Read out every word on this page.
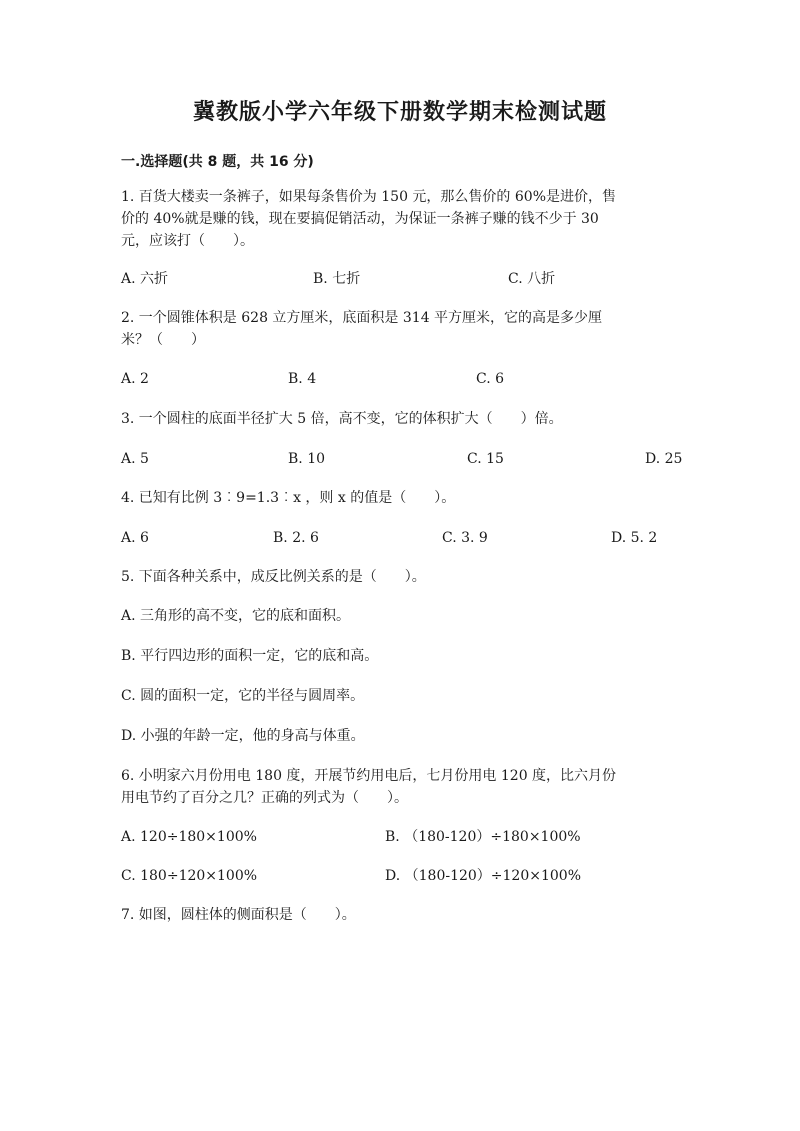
冀教版小学六年级下册数学期末检测试题
一.选择题(共 8 题，共 16 分)
1. 百货大楼卖一条裤子，如果每条售价为 150 元，那么售价的 60%是进价，售
价的 40%就是赚的钱，现在要搞促销活动，为保证一条裤子赚的钱不少于 30
元，应该打（　　）。
A. 六折	B. 七折	C. 八折
2. 一个圆锥体积是 628 立方厘米，底面积是 314 平方厘米，它的高是多少厘
米？（　　）
A. 2	B. 4	C. 6
3. 一个圆柱的底面半径扩大 5 倍，高不变，它的体积扩大（　　）倍。
A. 5	B. 10	C. 15	D. 25
4. 已知有比例 3︰9=1.3︰x ，则 x 的值是（　　）。
A. 6	B. 2. 6	C. 3. 9	D. 5. 2
5. 下面各种关系中，成反比例关系的是（　　）。
A. 三角形的高不变，它的底和面积。
B. 平行四边形的面积一定，它的底和高。
C. 圆的面积一定，它的半径与圆周率。
D. 小强的年龄一定，他的身高与体重。
6. 小明家六月份用电 180 度，开展节约用电后，七月份用电 120 度，比六月份
用电节约了百分之几？正确的列式为（　　）。
A. 120÷180×100%	B. （180-120）÷180×100%
C. 180÷120×100%	D. （180-120）÷120×100%
7. 如图，圆柱体的侧面积是（　　）。
